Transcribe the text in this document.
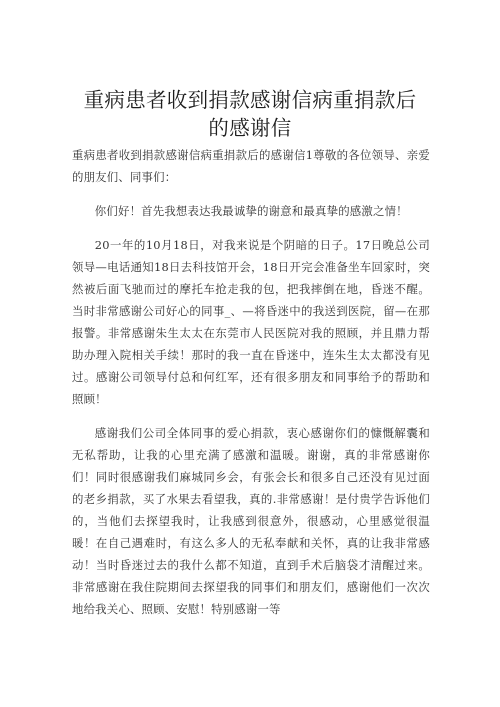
重病患者收到捐款感谢信病重捐款后的感谢信

重病患者收到捐款感谢信病重捐款后的感谢信1尊敬的各位领导、亲爱的朋友们、同事们：

你们好！首先我想表达我最诚挚的谢意和最真挚的感激之情！

20一年的10月18日，对我来说是个阴暗的日子。17日晚总公司领导—电话通知18日去科技馆开会，18日开完会准备坐车回家时，突然被后面飞驰而过的摩托车抢走我的包，把我摔倒在地，昏迷不醒。当时非常感谢公司好心的同事_、—将昏迷中的我送到医院，留—在那报警。非常感谢朱生太太在东莞市人民医院对我的照顾，并且鼎力帮助办理入院相关手续！那时的我一直在昏迷中，连朱生太太都没有见过。感谢公司领导付总和何红军，还有很多朋友和同事给予的帮助和照顾！

感谢我们公司全体同事的爱心捐款，衷心感谢你们的慷慨解囊和无私帮助，让我的心里充满了感激和温暖。谢谢，真的非常感谢你们！同时很感谢我们麻城同乡会，有张会长和很多自己还没有见过面的老乡捐款，买了水果去看望我，真的.非常感谢！是付贵学告诉他们的，当他们去探望我时，让我感到很意外，很感动，心里感觉很温暖！在自己遇难时，有这么多人的无私奉献和关怀，真的让我非常感动！当时昏迷过去的我什么都不知道，直到手术后脑袋才清醒过来。非常感谢在我住院期间去探望我的同事们和朋友们，感谢他们一次次地给我关心、照顾、安慰！特别感谢一等
